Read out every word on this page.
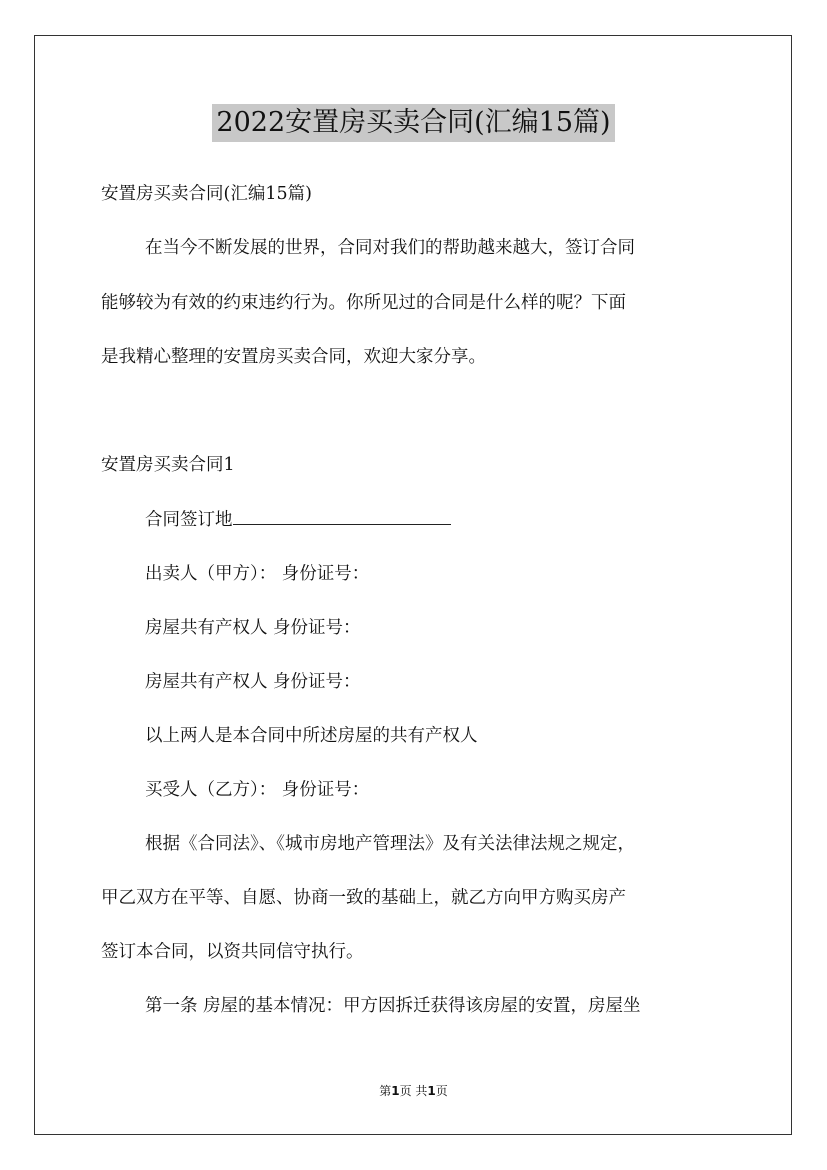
2022安置房买卖合同(汇编15篇)
安置房买卖合同(汇编15篇)
在当今不断发展的世界，合同对我们的帮助越来越大，签订合同
能够较为有效的约束违约行为。你所见过的合同是什么样的呢？下面
是我精心整理的安置房买卖合同，欢迎大家分享。
安置房买卖合同1
合同签订地
出卖人（甲方）： 身份证号：
房屋共有产权人 身份证号：
房屋共有产权人 身份证号：
以上两人是本合同中所述房屋的共有产权人
买受人（乙方）： 身份证号：
根据《合同法》、《城市房地产管理法》及有关法律法规之规定，
甲乙双方在平等、自愿、协商一致的基础上，就乙方向甲方购买房产
签订本合同，以资共同信守执行。
第一条 房屋的基本情况：甲方因拆迁获得该房屋的安置，房屋坐
第1页 共1页
